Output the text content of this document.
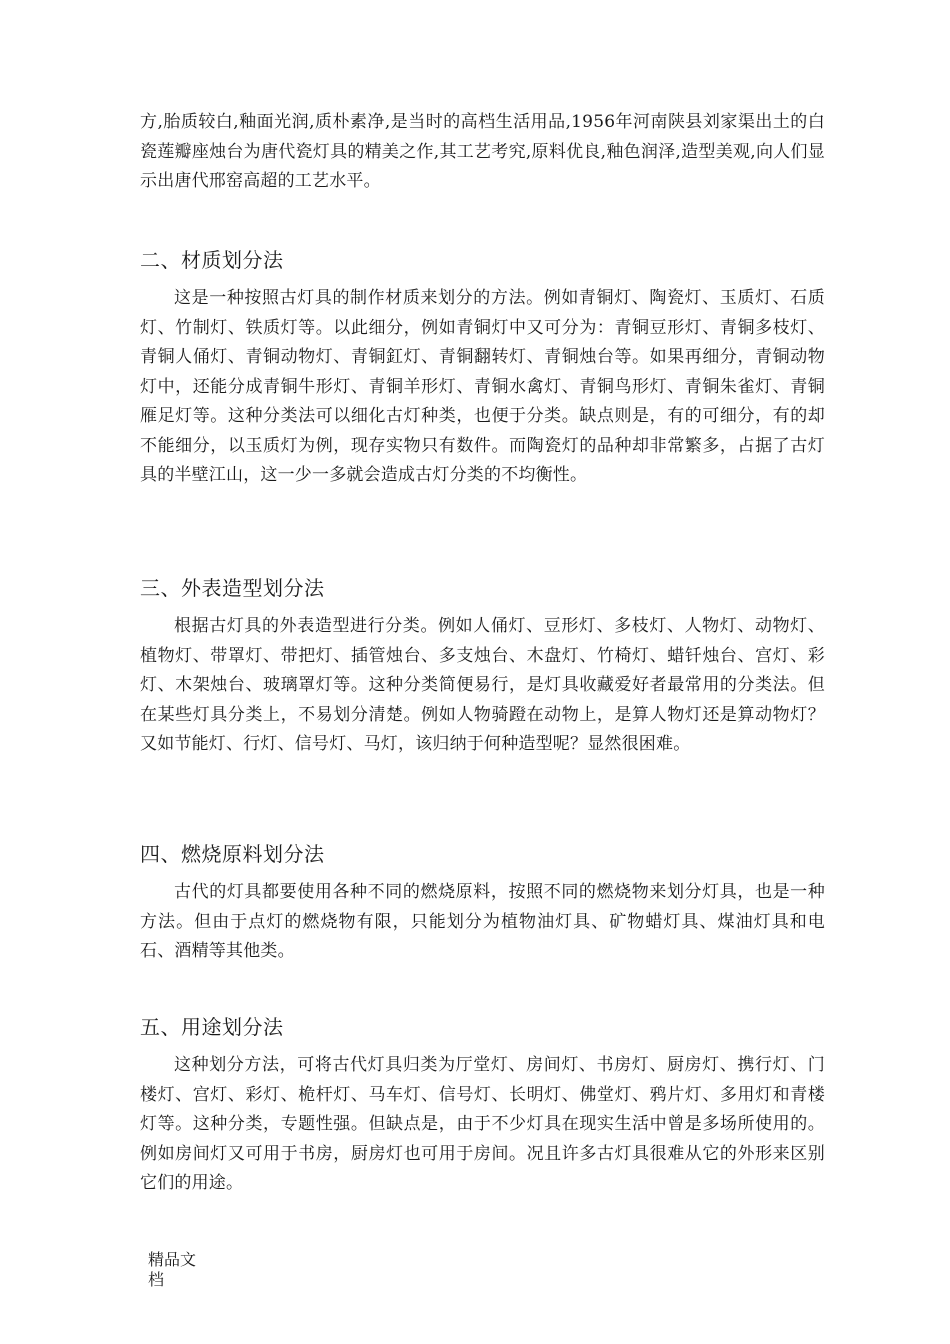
方,胎质较白,釉面光润,质朴素净,是当时的高档生活用品,1956年河南陕县刘家渠出土的白瓷莲瓣座烛台为唐代瓷灯具的精美之作,其工艺考究,原料优良,釉色润泽,造型美观,向人们显示出唐代邢窑高超的工艺水平。

二、材质划分法

这是一种按照古灯具的制作材质来划分的方法。例如青铜灯、陶瓷灯、玉质灯、石质灯、竹制灯、铁质灯等。以此细分，例如青铜灯中又可分为：青铜豆形灯、青铜多枝灯、青铜人俑灯、青铜动物灯、青铜釭灯、青铜翻转灯、青铜烛台等。如果再细分，青铜动物灯中，还能分成青铜牛形灯、青铜羊形灯、青铜水禽灯、青铜鸟形灯、青铜朱雀灯、青铜雁足灯等。这种分类法可以细化古灯种类，也便于分类。缺点则是，有的可细分，有的却不能细分，以玉质灯为例，现存实物只有数件。而陶瓷灯的品种却非常繁多，占据了古灯具的半壁江山，这一少一多就会造成古灯分类的不均衡性。

三、外表造型划分法

根据古灯具的外表造型进行分类。例如人俑灯、豆形灯、多枝灯、人物灯、动物灯、植物灯、带罩灯、带把灯、插管烛台、多支烛台、木盘灯、竹椅灯、蜡钎烛台、宫灯、彩灯、木架烛台、玻璃罩灯等。这种分类简便易行，是灯具收藏爱好者最常用的分类法。但在某些灯具分类上，不易划分清楚。例如人物骑蹬在动物上，是算人物灯还是算动物灯？又如节能灯、行灯、信号灯、马灯，该归纳于何种造型呢？显然很困难。

四、燃烧原料划分法

古代的灯具都要使用各种不同的燃烧原料，按照不同的燃烧物来划分灯具，也是一种方法。但由于点灯的燃烧物有限，只能划分为植物油灯具、矿物蜡灯具、煤油灯具和电石、酒精等其他类。

五、用途划分法

这种划分方法，可将古代灯具归类为厅堂灯、房间灯、书房灯、厨房灯、携行灯、门楼灯、宫灯、彩灯、桅杆灯、马车灯、信号灯、长明灯、佛堂灯、鸦片灯、多用灯和青楼灯等。这种分类，专题性强。但缺点是，由于不少灯具在现实生活中曾是多场所使用的。例如房间灯又可用于书房，厨房灯也可用于房间。况且许多古灯具很难从它的外形来区别它们的用途。

精品文档
